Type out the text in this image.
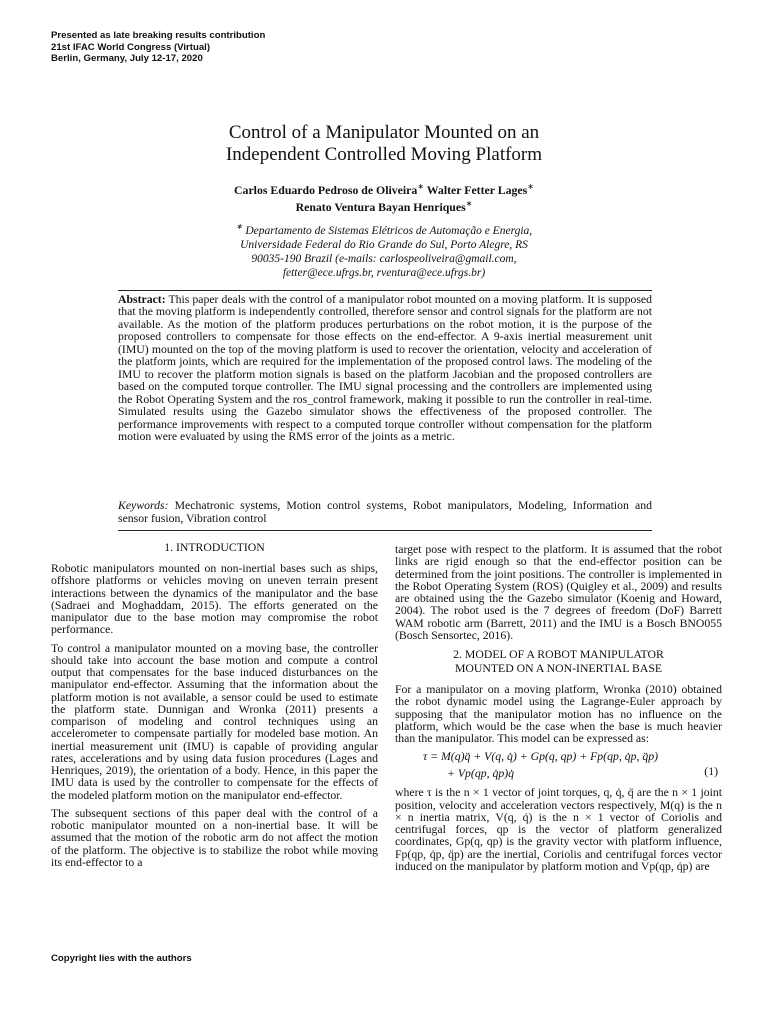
Presented as late breaking results contribution
21st IFAC World Congress (Virtual)
Berlin, Germany, July 12-17, 2020
Control of a Manipulator Mounted on an
Independent Controlled Moving Platform
Carlos Eduardo Pedroso de Oliveira∗ Walter Fetter Lages∗
Renato Ventura Bayan Henriques∗
∗ Departamento de Sistemas Elétricos de Automação e Energia,
Universidade Federal do Rio Grande do Sul, Porto Alegre, RS
90035-190 Brazil (e-mails: carlospeoliveira@gmail.com,
fetter@ece.ufrgs.br, rventura@ece.ufrgs.br)
Abstract: This paper deals with the control of a manipulator robot mounted on a moving platform. It is supposed that the moving platform is independently controlled, therefore sensor and control signals for the platform are not available. As the motion of the platform produces perturbations on the robot motion, it is the purpose of the proposed controllers to compensate for those effects on the end-effector. A 9-axis inertial measurement unit (IMU) mounted on the top of the moving platform is used to recover the orientation, velocity and acceleration of the platform joints, which are required for the implementation of the proposed control laws. The modeling of the IMU to recover the platform motion signals is based on the platform Jacobian and the proposed controllers are based on the computed torque controller. The IMU signal processing and the controllers are implemented using the Robot Operating System and the ros_control framework, making it possible to run the controller in real-time. Simulated results using the Gazebo simulator shows the effectiveness of the proposed controller. The performance improvements with respect to a computed torque controller without compensation for the platform motion were evaluated by using the RMS error of the joints as a metric.
Keywords: Mechatronic systems, Motion control systems, Robot manipulators, Modeling, Information and sensor fusion, Vibration control
1. INTRODUCTION

Robotic manipulators mounted on non-inertial bases such as ships, offshore platforms or vehicles moving on uneven terrain present interactions between the dynamics of the manipulator and the base (Sadraei and Moghaddam, 2015). The efforts generated on the manipulator due to the base motion may compromise the robot performance.

To control a manipulator mounted on a moving base, the controller should take into account the base motion and compute a control output that compensates for the base induced disturbances on the manipulator end-effector. Assuming that the information about the platform motion is not available, a sensor could be used to estimate the platform state. Dunnigan and Wronka (2011) presents a comparison of modeling and control techniques using an accelerometer to compensate partially for modeled base motion. An inertial measurement unit (IMU) is capable of providing angular rates, accelerations and by using data fusion procedures (Lages and Henriques, 2019), the orientation of a body. Hence, in this paper the IMU data is used by the controller to compensate for the effects of the modeled platform motion on the manipulator end-effector.

The subsequent sections of this paper deal with the control of a robotic manipulator mounted on a non-inertial base. It will be assumed that the motion of the robotic arm do not affect the motion of the platform. The objective is to stabilize the robot while moving its end-effector to a

target pose with respect to the platform. It is assumed that the robot links are rigid enough so that the end-effector position can be determined from the joint positions. The controller is implemented in the Robot Operating System (ROS) (Quigley et al., 2009) and results are obtained using the the Gazebo simulator (Koenig and Howard, 2004). The robot used is the 7 degrees of freedom (DoF) Barrett WAM robotic arm (Barrett, 2011) and the IMU is a Bosch BNO055 (Bosch Sensortec, 2016).

2. MODEL OF A ROBOT MANIPULATOR
MOUNTED ON A NON-INERTIAL BASE

For a manipulator on a moving platform, Wronka (2010) obtained the robot dynamic model using the Lagrange-Euler approach by supposing that the manipulator motion has no influence on the platform, which would be the case when the base is much heavier than the manipulator. This model can be expressed as:

τ = M(q)q̈ + V(q, q̇) + Gp(q, qp) + Fp(qp, q̇p, q̈p)
+ Vp(qp, q̇p)q̇	(1)

where τ is the n × 1 vector of joint torques, q, q̇, q̈ are the n × 1 joint position, velocity and acceleration vectors respectively, M(q) is the n × n inertia matrix, V(q, q̇) is the n × 1 vector of Coriolis and centrifugal forces, qp is the vector of platform generalized coordinates, Gp(q, qp) is the gravity vector with platform influence, Fp(qp, q̇p, q̈p) are the inertial, Coriolis and centrifugal forces vector induced on the manipulator by platform motion and Vp(qp, q̇p) are

Copyright lies with the authors
